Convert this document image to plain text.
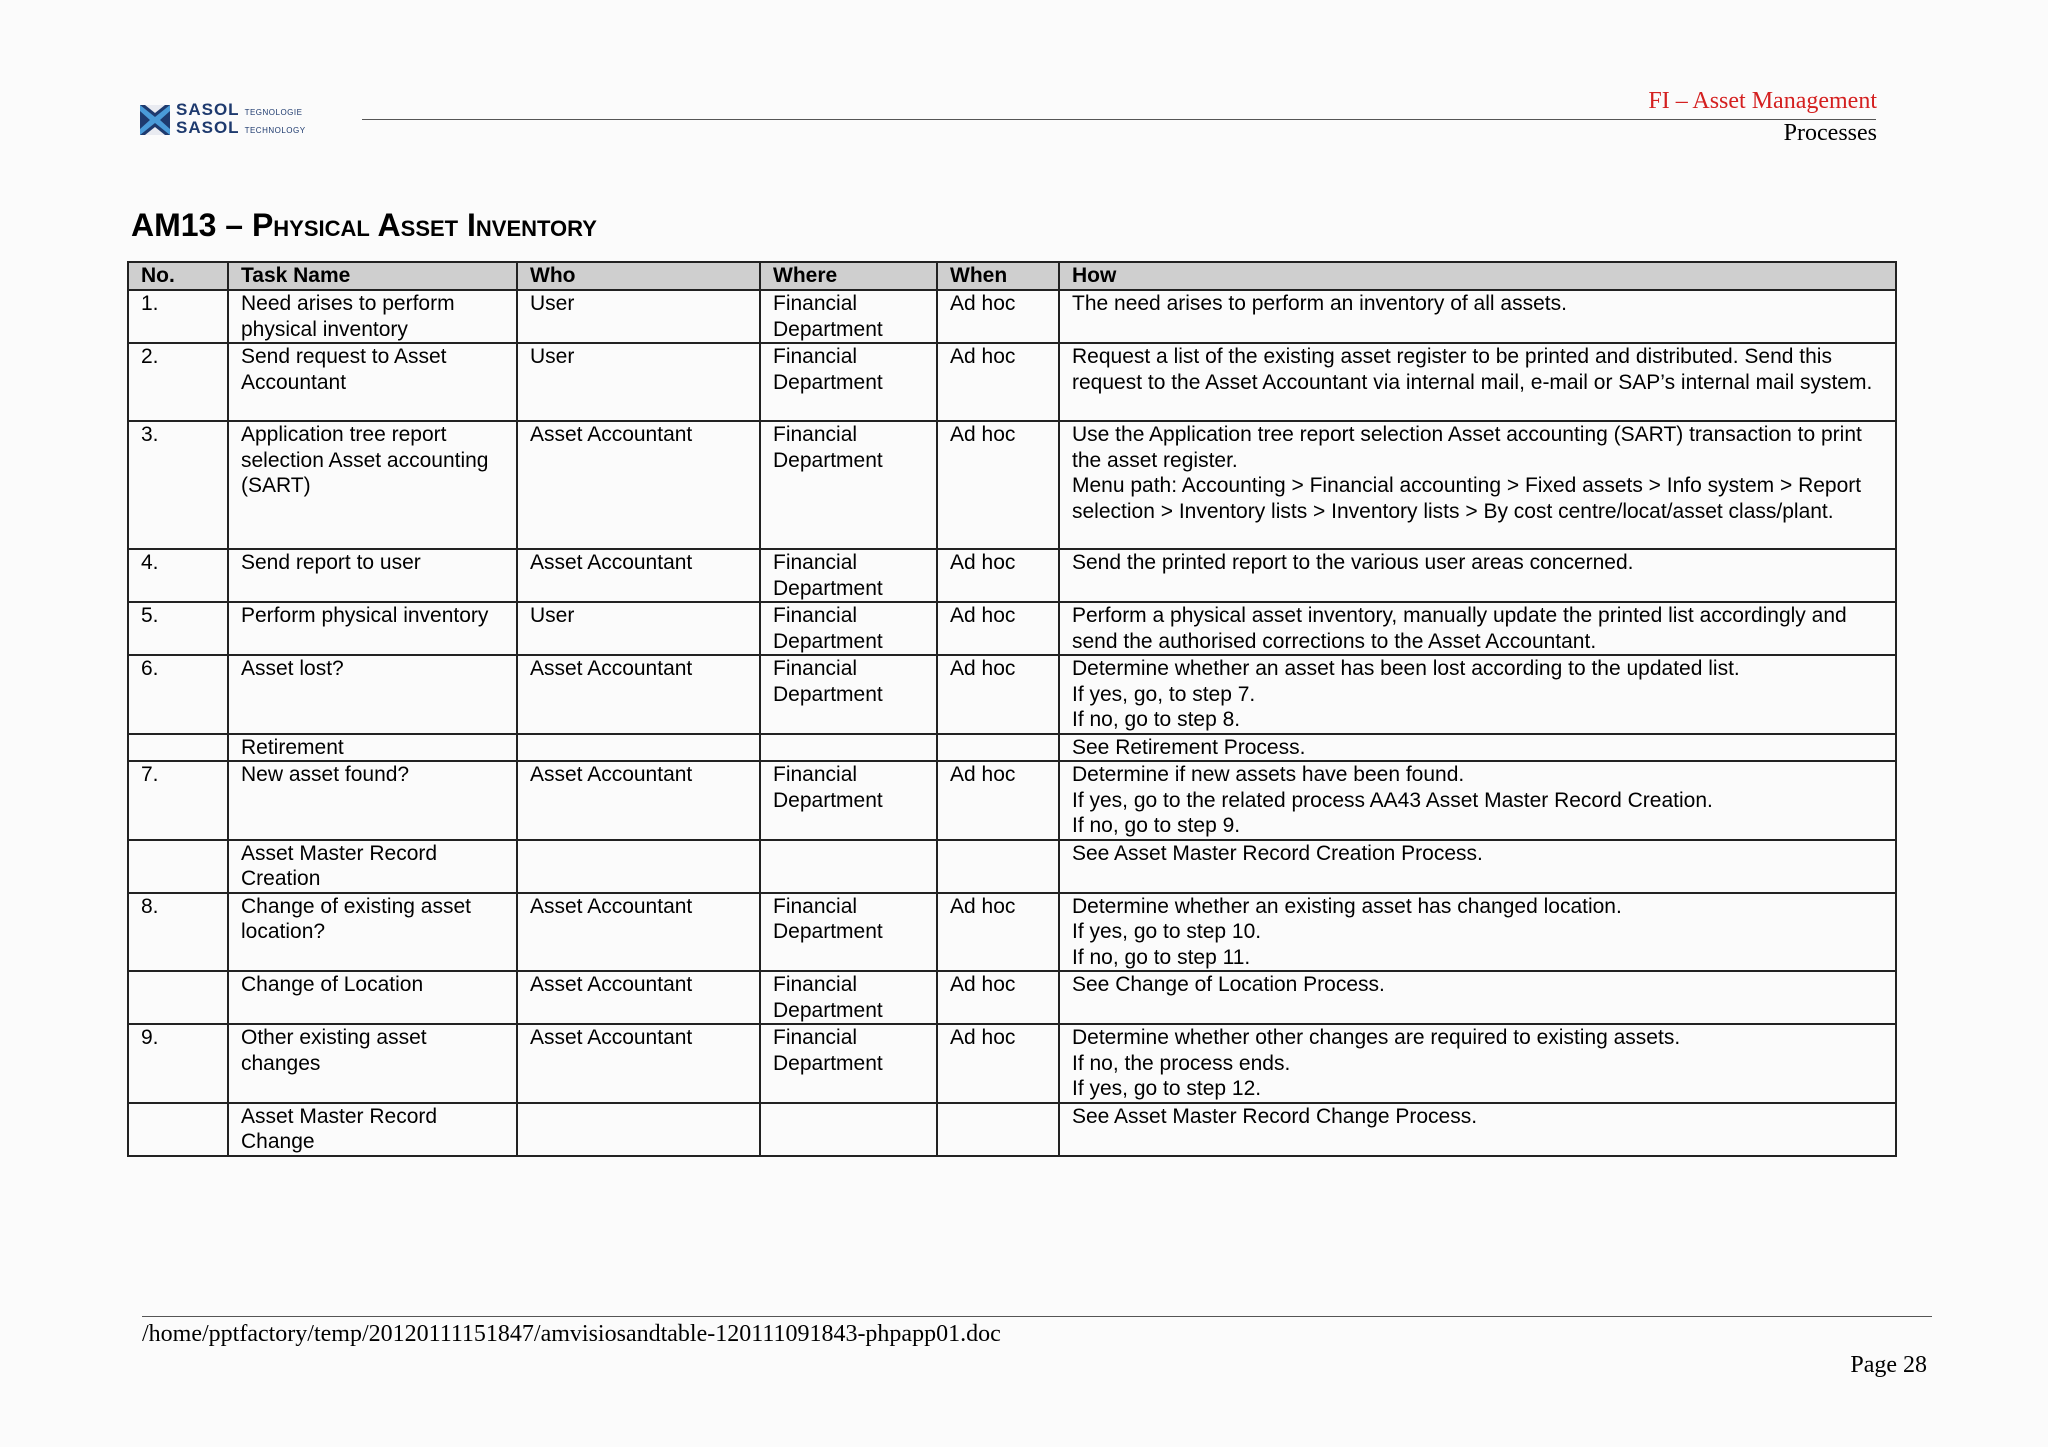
SASOL TEGNOLOGIE
SASOL TECHNOLOGY
FI – Asset Management
Processes
AM13 – Physical Asset Inventory
No.	Task Name	Who	Where	When	How
1.	Need arises to perform physical inventory	User	Financial Department	Ad hoc	The need arises to perform an inventory of all assets.

2.	Send request to Asset Accountant	User	Financial Department	Ad hoc	Request a list of the existing asset register to be printed and distributed. Send this request to the Asset Accountant via internal mail, e-mail or SAP’s internal mail system.

3.	Application tree report selection Asset accounting (SART)	Asset Accountant	Financial Department	Ad hoc	Use the Application tree report selection Asset accounting (SART) transaction to print the asset register.
Menu path: Accounting > Financial accounting > Fixed assets > Info system > Report selection > Inventory lists > Inventory lists > By cost centre/locat/asset class/plant.

4.	Send report to user	Asset Accountant	Financial Department	Ad hoc	Send the printed report to the various user areas concerned.

5.	Perform physical inventory	User	Financial Department	Ad hoc	Perform a physical asset inventory, manually update the printed list accordingly and send the authorised corrections to the Asset Accountant.

6.	Asset lost?	Asset Accountant	Financial Department	Ad hoc	Determine whether an asset has been lost according to the updated list.
If yes, go, to step 7.
If no, go to step 8.

	Retirement				See Retirement Process.

7.	New asset found?	Asset Accountant	Financial Department	Ad hoc	Determine if new assets have been found.
If yes, go to the related process AA43 Asset Master Record Creation.
If no, go to step 9.

	Asset Master Record Creation				See Asset Master Record Creation Process.

8.	Change of existing asset location?	Asset Accountant	Financial Department	Ad hoc	Determine whether an existing asset has changed location.
If yes, go to step 10.
If no, go to step 11.

	Change of Location	Asset Accountant	Financial Department	Ad hoc	See Change of Location Process.

9.	Other existing asset changes	Asset Accountant	Financial Department	Ad hoc	Determine whether other changes are required to existing assets.
If no, the process ends.
If yes, go to step 12.

	Asset Master Record Change				See Asset Master Record Change Process.
/home/pptfactory/temp/20120111151847/amvisiosandtable-120111091843-phpapp01.doc
Page 28
